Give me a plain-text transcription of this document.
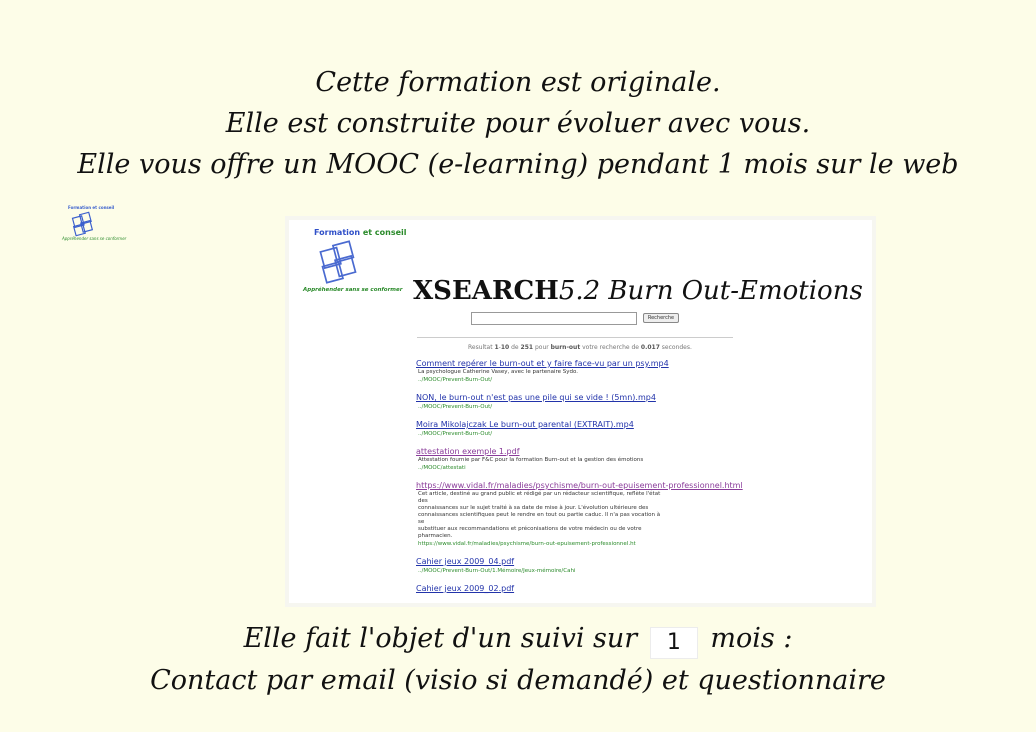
Cette formation est originale.
Elle est construite pour évoluer avec vous.
Elle vous offre un MOOC (e-learning) pendant 1 mois sur le web
Formation et conseil
Appréhender sans se conformer
Formation et conseil
Appréhender sans se conformer XSEARCH5.2 Burn Out-Emotions
Recherche
Resultat 1-10 de 251 pour burn-out votre recherche de 0.017 secondes.
Comment repérer le burn-out et y faire face-vu par un psy.mp4
La psychologue Catherine Vasey, avec le partenaire Sydo.
../MOOC/Prevent-Burn-Out/
NON, le burn-out n'est pas une pile qui se vide ! (5mn).mp4
../MOOC/Prevent-Burn-Out/
Moira Mikolajczak Le burn-out parental (EXTRAIT).mp4
../MOOC/Prevent-Burn-Out/
attestation exemple 1.pdf
Attestation fournie par F&C pour la formation Burn-out et la gestion des émotions
../MOOC/attestati
https://www.vidal.fr/maladies/psychisme/burn-out-epuisement-professionnel.html
Cet article, destiné au grand public et rédigé par un rédacteur scientifique, reflète l'état des
connaissances sur le sujet traité à sa date de mise à jour. L'évolution ultérieure des
connaissances scientifiques peut le rendre en tout ou partie caduc. Il n'a pas vocation à se
substituer aux recommandations et préconisations de votre médecin ou de votre
pharmacien.
https://www.vidal.fr/maladies/psychisme/burn-out-epuisement-professionnel.ht
Cahier jeux 2009_04.pdf
../MOOC/Prevent-Burn-Out/1.Mémoire/Jeux-mémoire/Cahi
Cahier jeux 2009_02.pdf
Elle fait l'objet d'un suivi sur 1 mois :
Contact par email (visio si demandé) et questionnaire
